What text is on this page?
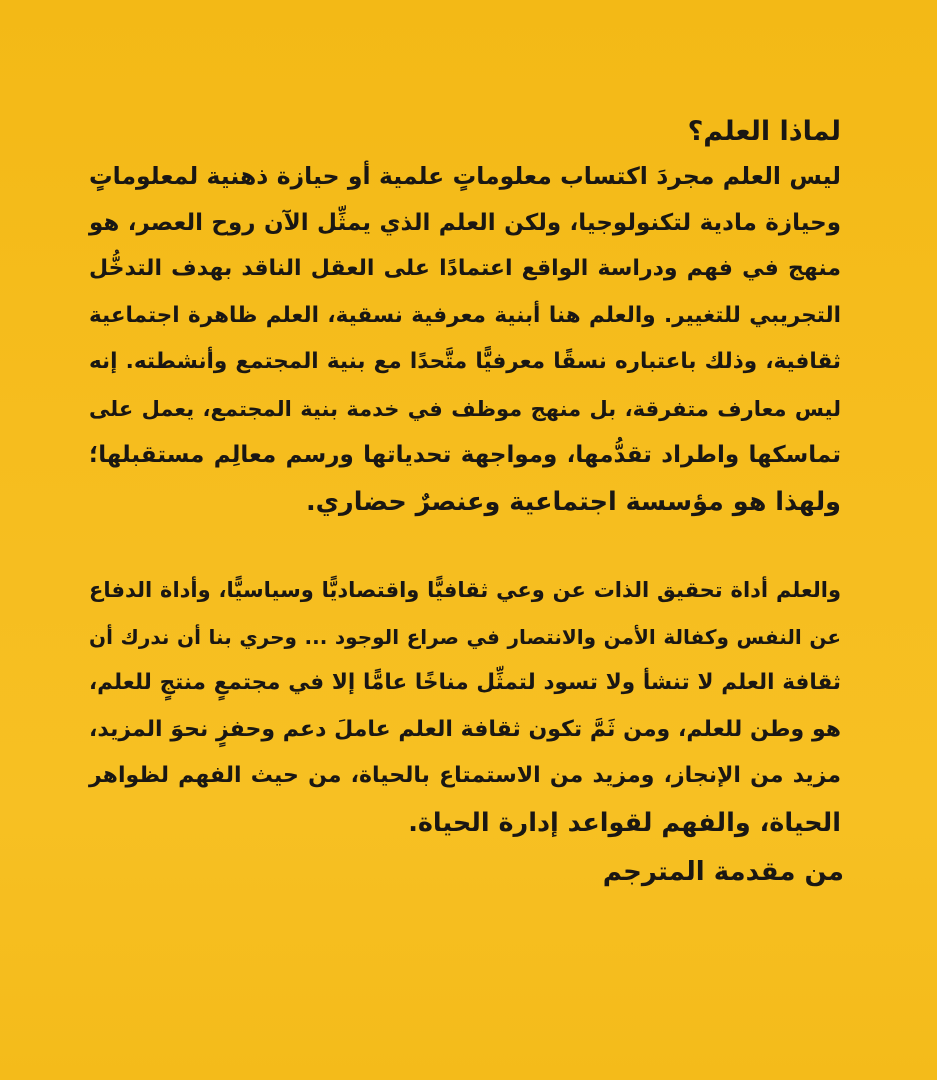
لماذا العلم؟
ليس العلم مجردَ اكتساب معلوماتٍ علمية أو حيازة ذهنية لمعلوماتٍ
وحيازة مادية لتكنولوجيا، ولكن العلم الذي يمثِّل الآن روح العصر، هو
منهج في فهم ودراسة الواقع اعتمادًا على العقل الناقد بهدف التدخُّل
التجريبي للتغيير. والعلم هنا أبنية معرفية نسقية، العلم ظاهرة اجتماعية
ثقافية، وذلك باعتباره نسقًا معرفيًّا متَّحدًا مع بنية المجتمع وأنشطته. إنه
ليس معارف متفرقة، بل منهج موظف في خدمة بنية المجتمع، يعمل على
تماسكها واطراد تقدُّمها، ومواجهة تحدياتها ورسم معالِم مستقبلها؛
ولهذا هو مؤسسة اجتماعية وعنصرٌ حضاري.
والعلم أداة تحقيق الذات عن وعي ثقافيًّا واقتصاديًّا وسياسيًّا، وأداة الدفاع
عن النفس وكفالة الأمن والانتصار في صراع الوجود ... وحري بنا أن ندرك أن
ثقافة العلم لا تنشأ ولا تسود لتمثِّل مناخًا عامًّا إلا في مجتمعٍ منتجٍ للعلم،
هو وطن للعلم، ومن ثَمَّ تكون ثقافة العلم عاملَ دعم وحفزٍ نحوَ المزيد،
مزيد من الإنجاز، ومزيد من الاستمتاع بالحياة، من حيث الفهم لظواهر
الحياة، والفهم لقواعد إدارة الحياة.
من مقدمة المترجم
